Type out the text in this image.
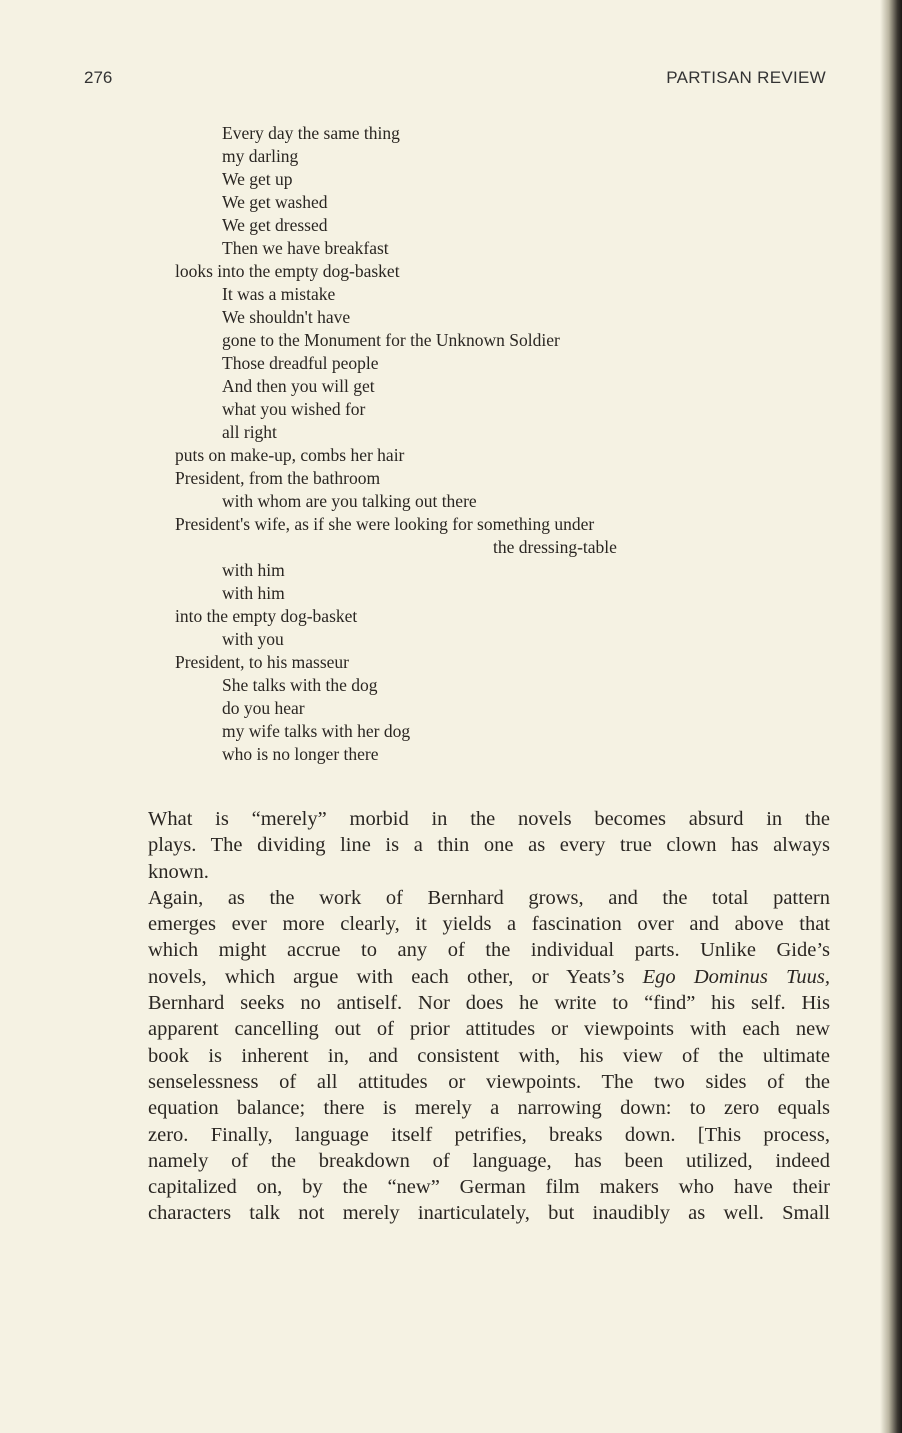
276	PARTISAN REVIEW
Every day the same thing
my darling
We get up
We get washed
We get dressed
Then we have breakfast
looks into the empty dog-basket
It was a mistake
We shouldn't have
gone to the Monument for the Unknown Soldier
Those dreadful people
And then you will get
what you wished for
all right
puts on make-up, combs her hair
President, from the bathroom
with whom are you talking out there
President's wife, as if she were looking for something under
the dressing-table
with him
with him
into the empty dog-basket
with you
President, to his masseur
She talks with the dog
do you hear
my wife talks with her dog
who is no longer there
What is “merely” morbid in the novels becomes absurd in the
plays. The dividing line is a thin one as every true clown has always
known.
Again, as the work of Bernhard grows, and the total pattern
emerges ever more clearly, it yields a fascination over and above that
which might accrue to any of the individual parts. Unlike Gide’s
novels, which argue with each other, or Yeats’s Ego Dominus Tuus,
Bernhard seeks no antiself. Nor does he write to “find” his self. His
apparent cancelling out of prior attitudes or viewpoints with each new
book is inherent in, and consistent with, his view of the ultimate
senselessness of all attitudes or viewpoints. The two sides of the
equation balance; there is merely a narrowing down: to zero equals
zero. Finally, language itself petrifies, breaks down. [This process,
namely of the breakdown of language, has been utilized, indeed
capitalized on, by the “new” German film makers who have their
characters talk not merely inarticulately, but inaudibly as well. Small
